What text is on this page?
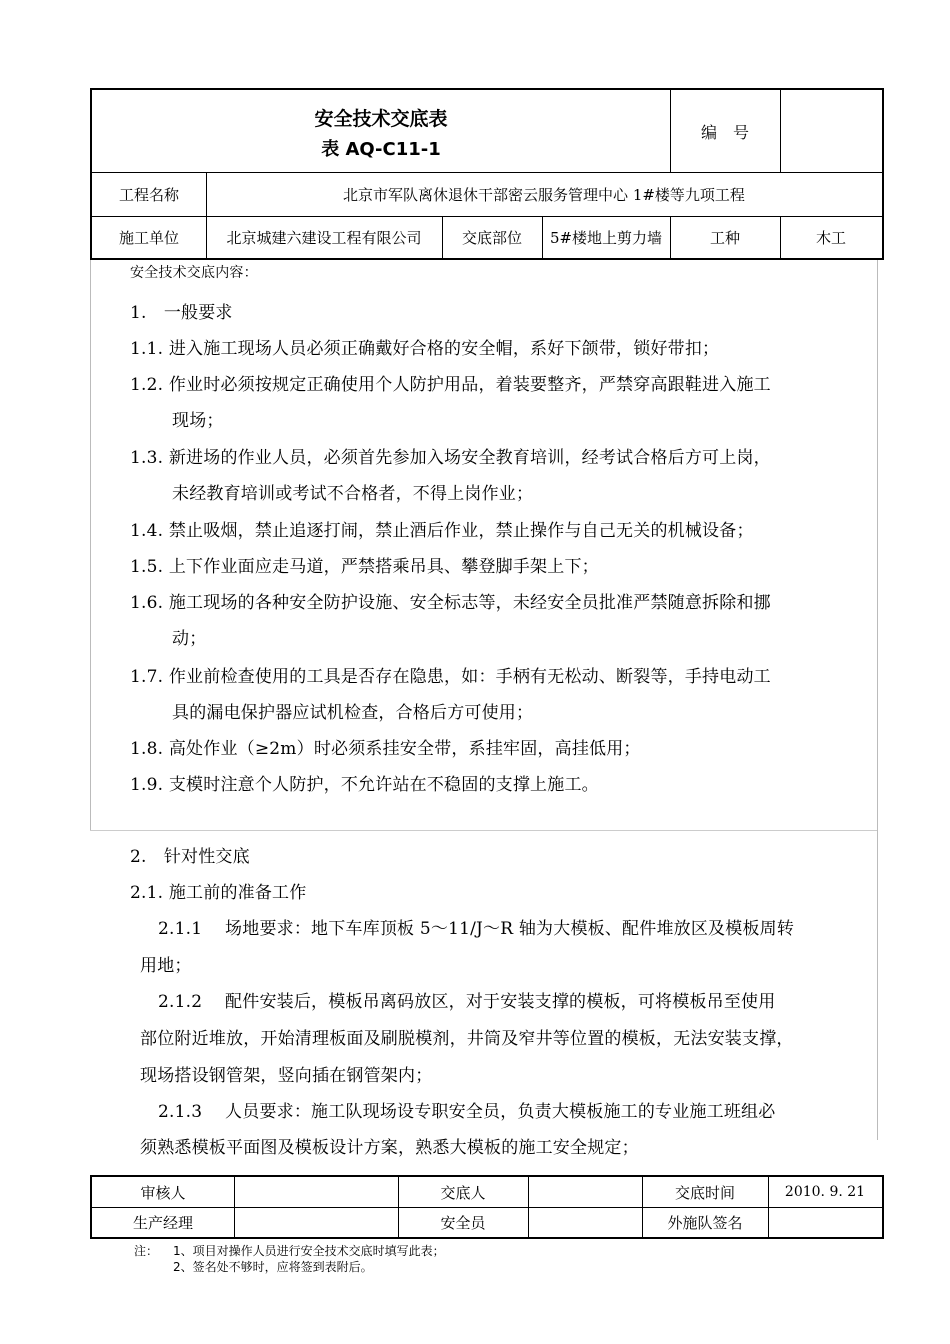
安全技术交底表
表 AQ-C11-1
编　号
工程名称	北京市军队离休退休干部密云服务管理中心 1#楼等九项工程
施工单位	北京城建六建设工程有限公司	交底部位	5#楼地上剪力墙	工种	木工
安全技术交底内容：
1.　一般要求
1.1. 进入施工现场人员必须正确戴好合格的安全帽，系好下颌带，锁好带扣；
1.2. 作业时必须按规定正确使用个人防护用品，着装要整齐，严禁穿高跟鞋进入施工
现场；
1.3. 新进场的作业人员，必须首先参加入场安全教育培训，经考试合格后方可上岗，
未经教育培训或考试不合格者，不得上岗作业；
1.4. 禁止吸烟，禁止追逐打闹，禁止酒后作业，禁止操作与自己无关的机械设备；
1.5. 上下作业面应走马道，严禁搭乘吊具、攀登脚手架上下；
1.6. 施工现场的各种安全防护设施、安全标志等，未经安全员批准严禁随意拆除和挪
动；
1.7. 作业前检查使用的工具是否存在隐患，如：手柄有无松动、断裂等，手持电动工
具的漏电保护器应试机检查，合格后方可使用；
1.8. 高处作业（≥2m）时必须系挂安全带，系挂牢固，高挂低用；
1.9. 支模时注意个人防护，不允许站在不稳固的支撑上施工。
2.　针对性交底
2.1. 施工前的准备工作
2.1.1　 场地要求：地下车库顶板 5～11/J～R 轴为大模板、配件堆放区及模板周转
用地；
2.1.2　 配件安装后，模板吊离码放区，对于安装支撑的模板，可将模板吊至使用
部位附近堆放，开始清理板面及刷脱模剂，井筒及窄井等位置的模板，无法安装支撑，
现场搭设钢管架，竖向插在钢管架内；
2.1.3　 人员要求：施工队现场设专职安全员，负责大模板施工的专业施工班组必
须熟悉模板平面图及模板设计方案，熟悉大模板的施工安全规定；
审核人	交底人	交底时间	2010. 9. 21
生产经理	安全员	外施队签名
注： 1、项目对操作人员进行安全技术交底时填写此表；
2、签名处不够时，应将签到表附后。
